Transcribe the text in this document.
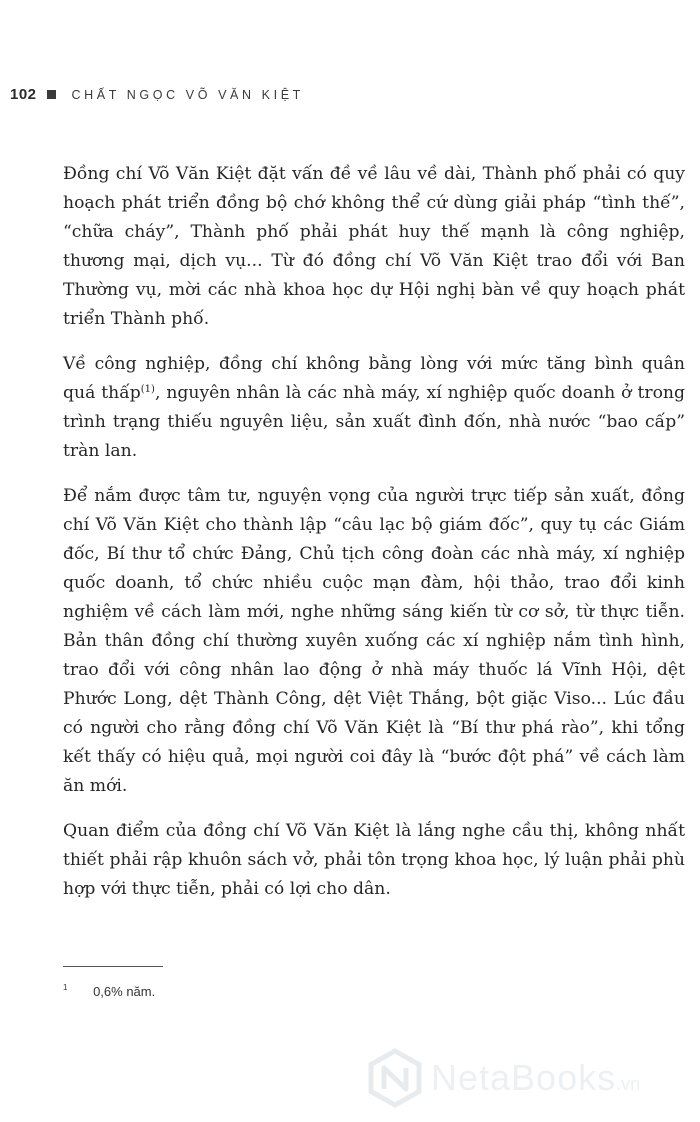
102	CHẤT NGỌC VÕ VĂN KIỆT

Đồng chí Võ Văn Kiệt đặt vấn đề về lâu về dài, Thành phố phải có quy hoạch phát triển đồng bộ chớ không thể cứ dùng giải pháp “tình thế”, “chữa cháy”, Thành phố phải phát huy thế mạnh là công nghiệp, thương mại, dịch vụ... Từ đó đồng chí Võ Văn Kiệt trao đổi với Ban Thường vụ, mời các nhà khoa học dự Hội nghị bàn về quy hoạch phát triển Thành phố.

Về công nghiệp, đồng chí không bằng lòng với mức tăng bình quân quá thấp$^{(1)}$, nguyên nhân là các nhà máy, xí nghiệp quốc doanh ở trong trình trạng thiếu nguyên liệu, sản xuất đình đốn, nhà nước “bao cấp” tràn lan.

Để nắm được tâm tư, nguyện vọng của người trực tiếp sản xuất, đồng chí Võ Văn Kiệt cho thành lập “câu lạc bộ giám đốc”, quy tụ các Giám đốc, Bí thư tổ chức Đảng, Chủ tịch công đoàn các nhà máy, xí nghiệp quốc doanh, tổ chức nhiều cuộc mạn đàm, hội thảo, trao đổi kinh nghiệm về cách làm mới, nghe những sáng kiến từ cơ sở, từ thực tiễn. Bản thân đồng chí thường xuyên xuống các xí nghiệp nắm tình hình, trao đổi với công nhân lao động ở nhà máy thuốc lá Vĩnh Hội, dệt Phước Long, dệt Thành Công, dệt Việt Thắng, bột giặc Viso... Lúc đầu có người cho rằng đồng chí Võ Văn Kiệt là “Bí thư phá rào”, khi tổng kết thấy có hiệu quả, mọi người coi đây là “bước đột phá” về cách làm ăn mới.

Quan điểm của đồng chí Võ Văn Kiệt là lắng nghe cầu thị, không nhất thiết phải rập khuôn sách vở, phải tôn trọng khoa học, lý luận phải phù hợp với thực tiễn, phải có lợi cho dân.

$^1$ 0,6% năm.
NetaBooks.vn
